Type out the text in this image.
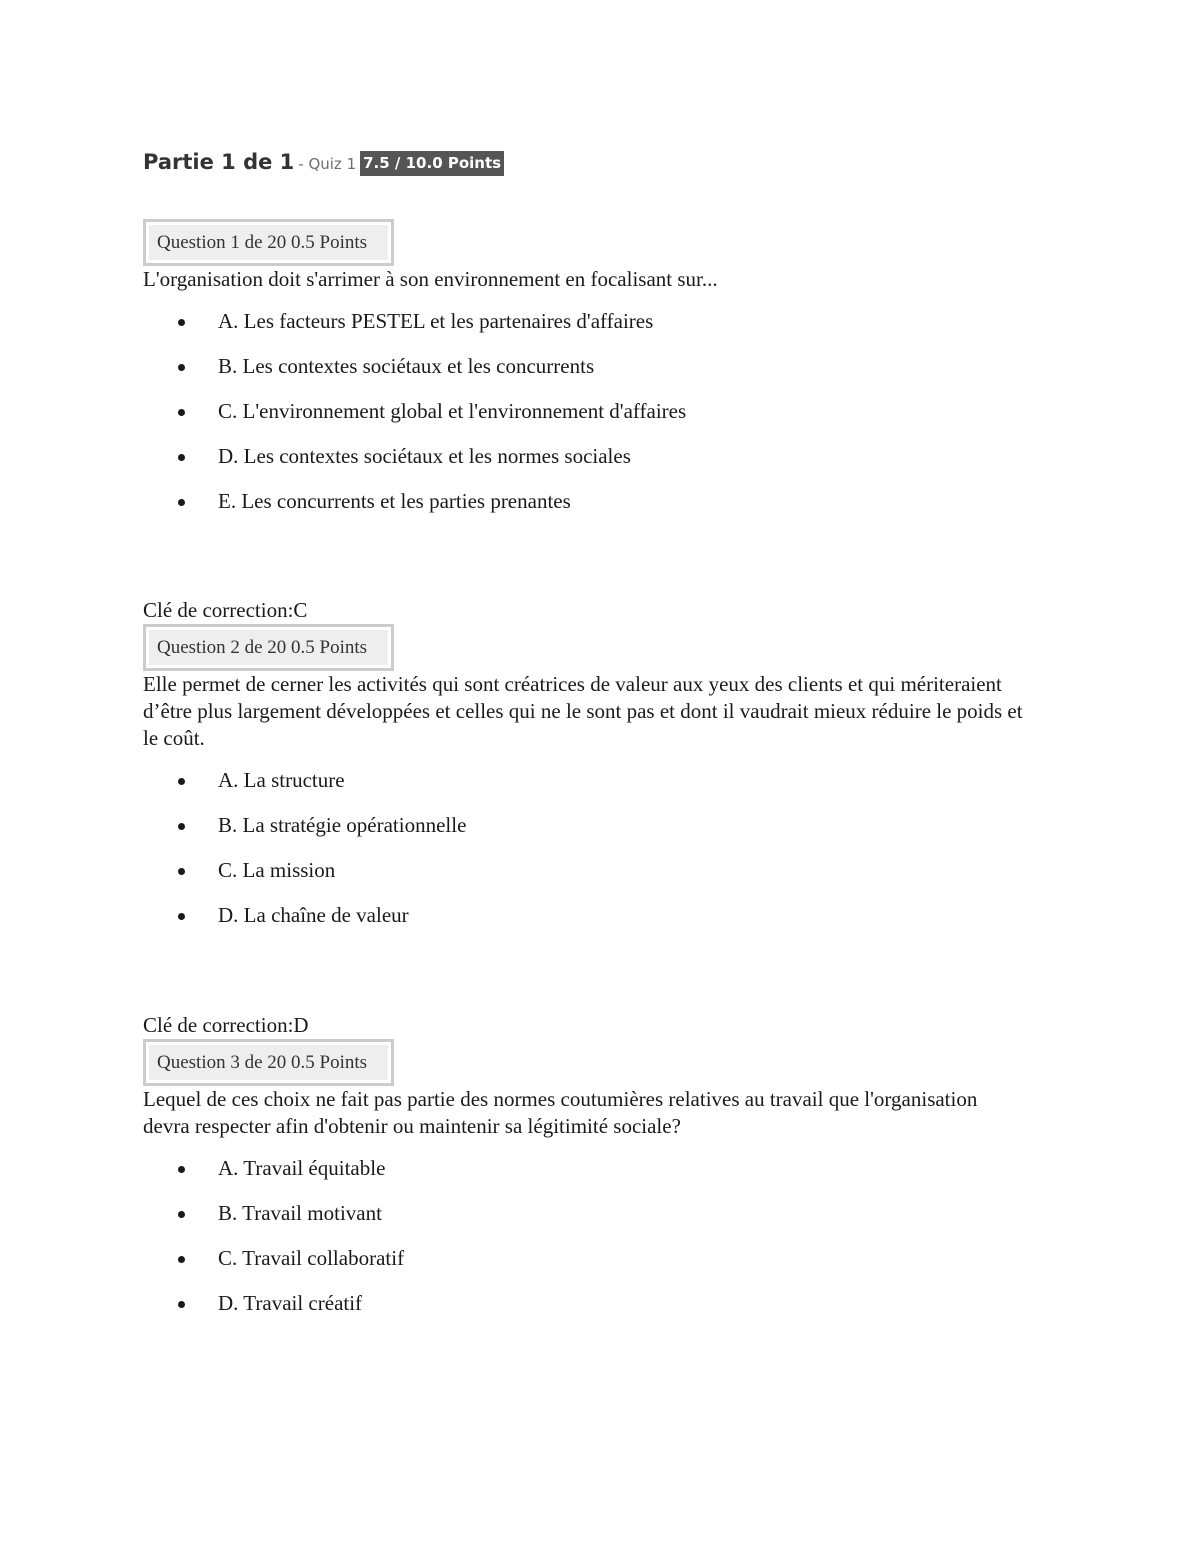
Partie 1 de 1 - Quiz 1 7.5 / 10.0 Points
Question 1 de 20 0.5 Points

L'organisation doit s'arrimer à son environnement en focalisant sur...

A. Les facteurs PESTEL et les partenaires d'affaires
B. Les contextes sociétaux et les concurrents
C. L'environnement global et l'environnement d'affaires
D. Les contextes sociétaux et les normes sociales
E. Les concurrents et les parties prenantes
Clé de correction:C
Question 2 de 20 0.5 Points

Elle permet de cerner les activités qui sont créatrices de valeur aux yeux des clients et qui mériteraient d’être plus largement développées et celles qui ne le sont pas et dont il vaudrait mieux réduire le poids et le coût.

A. La structure
B. La stratégie opérationnelle
C. La mission
D. La chaîne de valeur
Clé de correction:D
Question 3 de 20 0.5 Points

Lequel de ces choix ne fait pas partie des normes coutumières relatives au travail que l'organisation devra respecter afin d'obtenir ou maintenir sa légitimité sociale?

A. Travail équitable
B. Travail motivant
C. Travail collaboratif
D. Travail créatif
